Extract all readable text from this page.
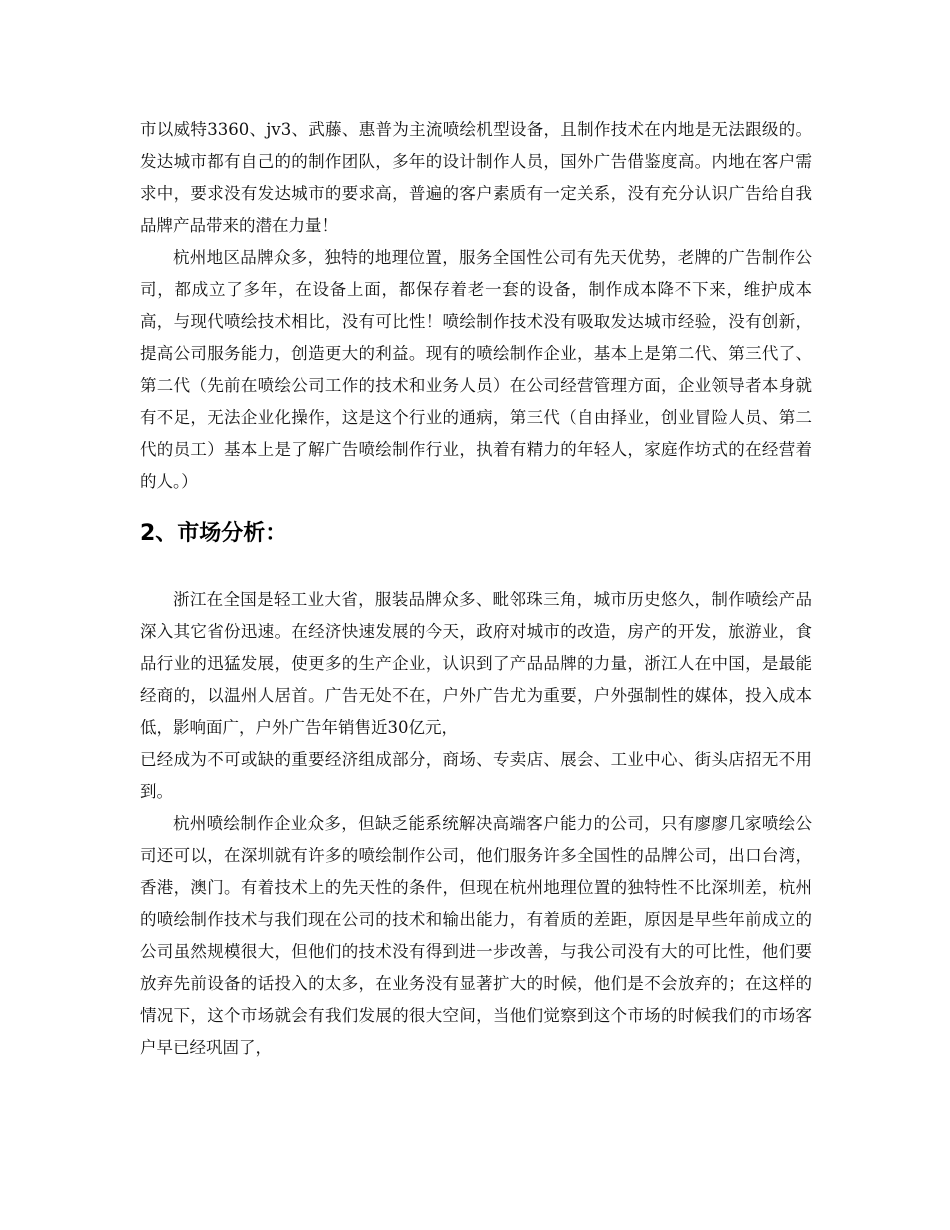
市以威特3360、jv3、武藤、惠普为主流喷绘机型设备，且制作技术在内地是无法跟级的。发达城市都有自己的的制作团队，多年的设计制作人员，国外广告借鉴度高。内地在客户需求中，要求没有发达城市的要求高，普遍的客户素质有一定关系，没有充分认识广告给自我品牌产品带来的潜在力量！

杭州地区品牌众多，独特的地理位置，服务全国性公司有先天优势，老牌的广告制作公司，都成立了多年，在设备上面，都保存着老一套的设备，制作成本降不下来，维护成本高，与现代喷绘技术相比，没有可比性！喷绘制作技术没有吸取发达城市经验，没有创新，提高公司服务能力，创造更大的利益。现有的喷绘制作企业，基本上是第二代、第三代了、第二代（先前在喷绘公司工作的技术和业务人员）在公司经营管理方面，企业领导者本身就有不足，无法企业化操作，这是这个行业的通病，第三代（自由择业，创业冒险人员、第二代的员工）基本上是了解广告喷绘制作行业，执着有精力的年轻人，家庭作坊式的在经营着的人。）

2、市场分析：

浙江在全国是轻工业大省，服装品牌众多、毗邻珠三角，城市历史悠久，制作喷绘产品深入其它省份迅速。在经济快速发展的今天，政府对城市的改造，房产的开发，旅游业，食品行业的迅猛发展，使更多的生产企业，认识到了产品品牌的力量，浙江人在中国，是最能经商的，以温州人居首。广告无处不在，户外广告尤为重要，户外强制性的媒体，投入成本低，影响面广，户外广告年销售近30亿元，

已经成为不可或缺的重要经济组成部分，商场、专卖店、展会、工业中心、街头店招无不用到。

杭州喷绘制作企业众多，但缺乏能系统解决高端客户能力的公司，只有廖廖几家喷绘公司还可以，在深圳就有许多的喷绘制作公司，他们服务许多全国性的品牌公司，出口台湾，香港，澳门。有着技术上的先天性的条件，但现在杭州地理位置的独特性不比深圳差，杭州的喷绘制作技术与我们现在公司的技术和输出能力，有着质的差距，原因是早些年前成立的公司虽然规模很大，但他们的技术没有得到进一步改善，与我公司没有大的可比性，他们要放弃先前设备的话投入的太多，在业务没有显著扩大的时候，他们是不会放弃的；在这样的情况下，这个市场就会有我们发展的很大空间，当他们觉察到这个市场的时候我们的市场客户早已经巩固了，
